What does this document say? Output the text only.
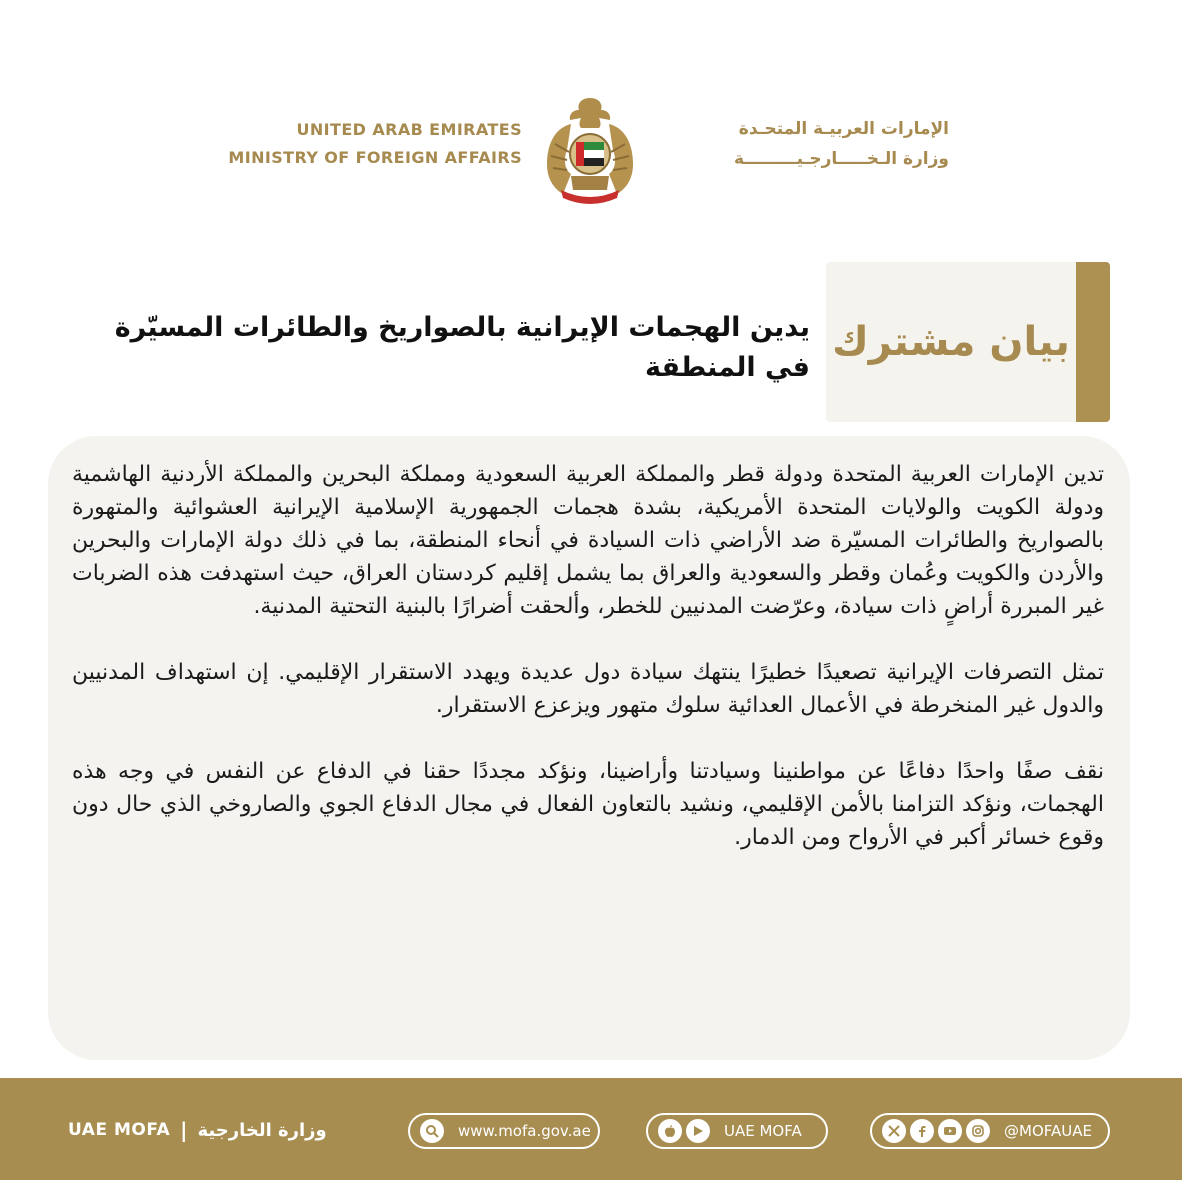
UNITED ARAB EMIRATES
MINISTRY OF FOREIGN AFFAIRS
الإمارات العربيـة المتحـدة
وزارة الـخـــــارجـيـــــــــة
بيان مشترك
يدين الهجمات الإيرانية بالصواريخ والطائرات المسيّرة في المنطقة

تدين الإمارات العربية المتحدة ودولة قطر والمملكة العربية السعودية ومملكة البحرين والمملكة الأردنية الهاشمية ودولة الكويت والولايات المتحدة الأمريكية، بشدة هجمات الجمهورية الإسلامية الإيرانية العشوائية والمتهورة بالصواريخ والطائرات المسيّرة ضد الأراضي ذات السيادة في أنحاء المنطقة، بما في ذلك دولة الإمارات والبحرين والأردن والكويت وعُمان وقطر والسعودية والعراق بما يشمل إقليم كردستان العراق، حيث استهدفت هذه الضربات غير المبررة أراضٍ ذات سيادة، وعرّضت المدنيين للخطر، وألحقت أضرارًا بالبنية التحتية المدنية.

تمثل التصرفات الإيرانية تصعيدًا خطيرًا ينتهك سيادة دول عديدة ويهدد الاستقرار الإقليمي. إن استهداف المدنيين والدول غير المنخرطة في الأعمال العدائية سلوك متهور ويزعزع الاستقرار.

نقف صفًا واحدًا دفاعًا عن مواطنينا وسيادتنا وأراضينا، ونؤكد مجددًا حقنا في الدفاع عن النفس في وجه هذه الهجمات، ونؤكد التزامنا بالأمن الإقليمي، ونشيد بالتعاون الفعال في مجال الدفاع الجوي والصاروخي الذي حال دون وقوع خسائر أكبر في الأرواح ومن الدمار.

UAE MOFA | وزارة الخارجية	www.mofa.gov.ae	UAE MOFA	@MOFAUAE
